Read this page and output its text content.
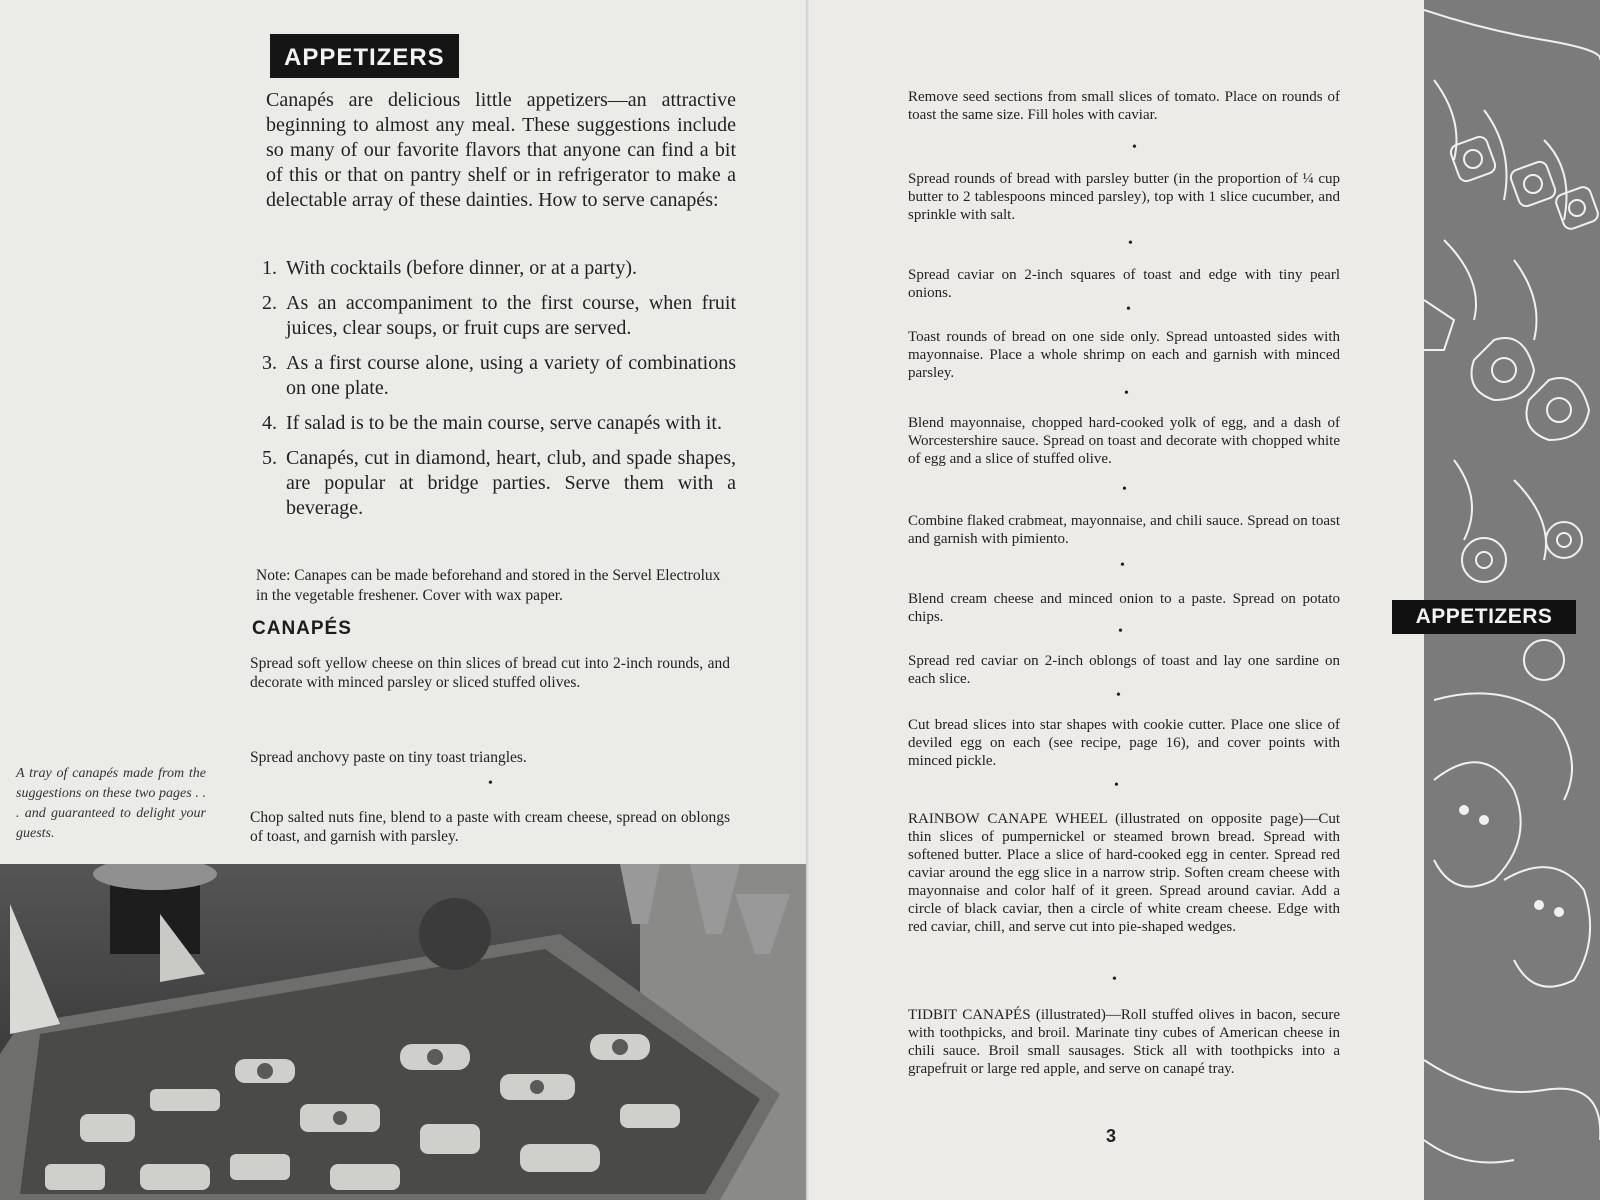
APPETIZERS
Canapés are delicious little appetizers—an attractive beginning to almost any meal. These suggestions include so many of our favorite flavors that anyone can find a bit of this or that on pantry shelf or in refrigerator to make a delectable array of these dainties. How to serve canapés:
1. With cocktails (before dinner, or at a party).
2. As an accompaniment to the first course, when fruit juices, clear soups, or fruit cups are served.
3. As a first course alone, using a variety of combinations on one plate.
4. If salad is to be the main course, serve canapés with it.
5. Canapés, cut in diamond, heart, club, and spade shapes, are popular at bridge parties. Serve them with a beverage.
Note: Canapes can be made beforehand and stored in the Servel Electrolux in the vegetable freshener. Cover with wax paper.
CANAPÉS
Spread soft yellow cheese on thin slices of bread cut into 2-inch rounds, and decorate with minced parsley or sliced stuffed olives.
Spread anchovy paste on tiny toast triangles.
•
Chop salted nuts fine, blend to a paste with cream cheese, spread on oblongs of toast, and garnish with parsley.
A tray of canapés made from the suggestions on these two pages . . . and guaranteed to delight your guests.
Remove seed sections from small slices of tomato. Place on rounds of toast the same size. Fill holes with caviar.
•
Spread rounds of bread with parsley butter (in the proportion of ¼ cup butter to 2 tablespoons minced parsley), top with 1 slice cucumber, and sprinkle with salt.
•
Spread caviar on 2-inch squares of toast and edge with tiny pearl onions.
•
Toast rounds of bread on one side only. Spread untoasted sides with mayonnaise. Place a whole shrimp on each and garnish with minced parsley.
•
Blend mayonnaise, chopped hard-cooked yolk of egg, and a dash of Worcestershire sauce. Spread on toast and decorate with chopped white of egg and a slice of stuffed olive.
•
Combine flaked crabmeat, mayonnaise, and chili sauce. Spread on toast and garnish with pimiento.
•
Blend cream cheese and minced onion to a paste. Spread on potato chips.
•
Spread red caviar on 2-inch oblongs of toast and lay one sardine on each slice.
•
Cut bread slices into star shapes with cookie cutter. Place one slice of deviled egg on each (see recipe, page 16), and cover points with minced pickle.
•
RAINBOW CANAPE WHEEL (illustrated on opposite page)—Cut thin slices of pumpernickel or steamed brown bread. Spread with softened butter. Place a slice of hard-cooked egg in center. Spread red caviar around the egg slice in a narrow strip. Soften cream cheese with mayonnaise and color half of it green. Spread around caviar. Add a circle of black caviar, then a circle of white cream cheese. Edge with red caviar, chill, and serve cut into pie-shaped wedges.
•
TIDBIT CANAPÉS (illustrated)—Roll stuffed olives in bacon, secure with toothpicks, and broil. Marinate tiny cubes of American cheese in chili sauce. Broil small sausages. Stick all with toothpicks into a grapefruit or large red apple, and serve on canapé tray.
3
APPETIZERS
